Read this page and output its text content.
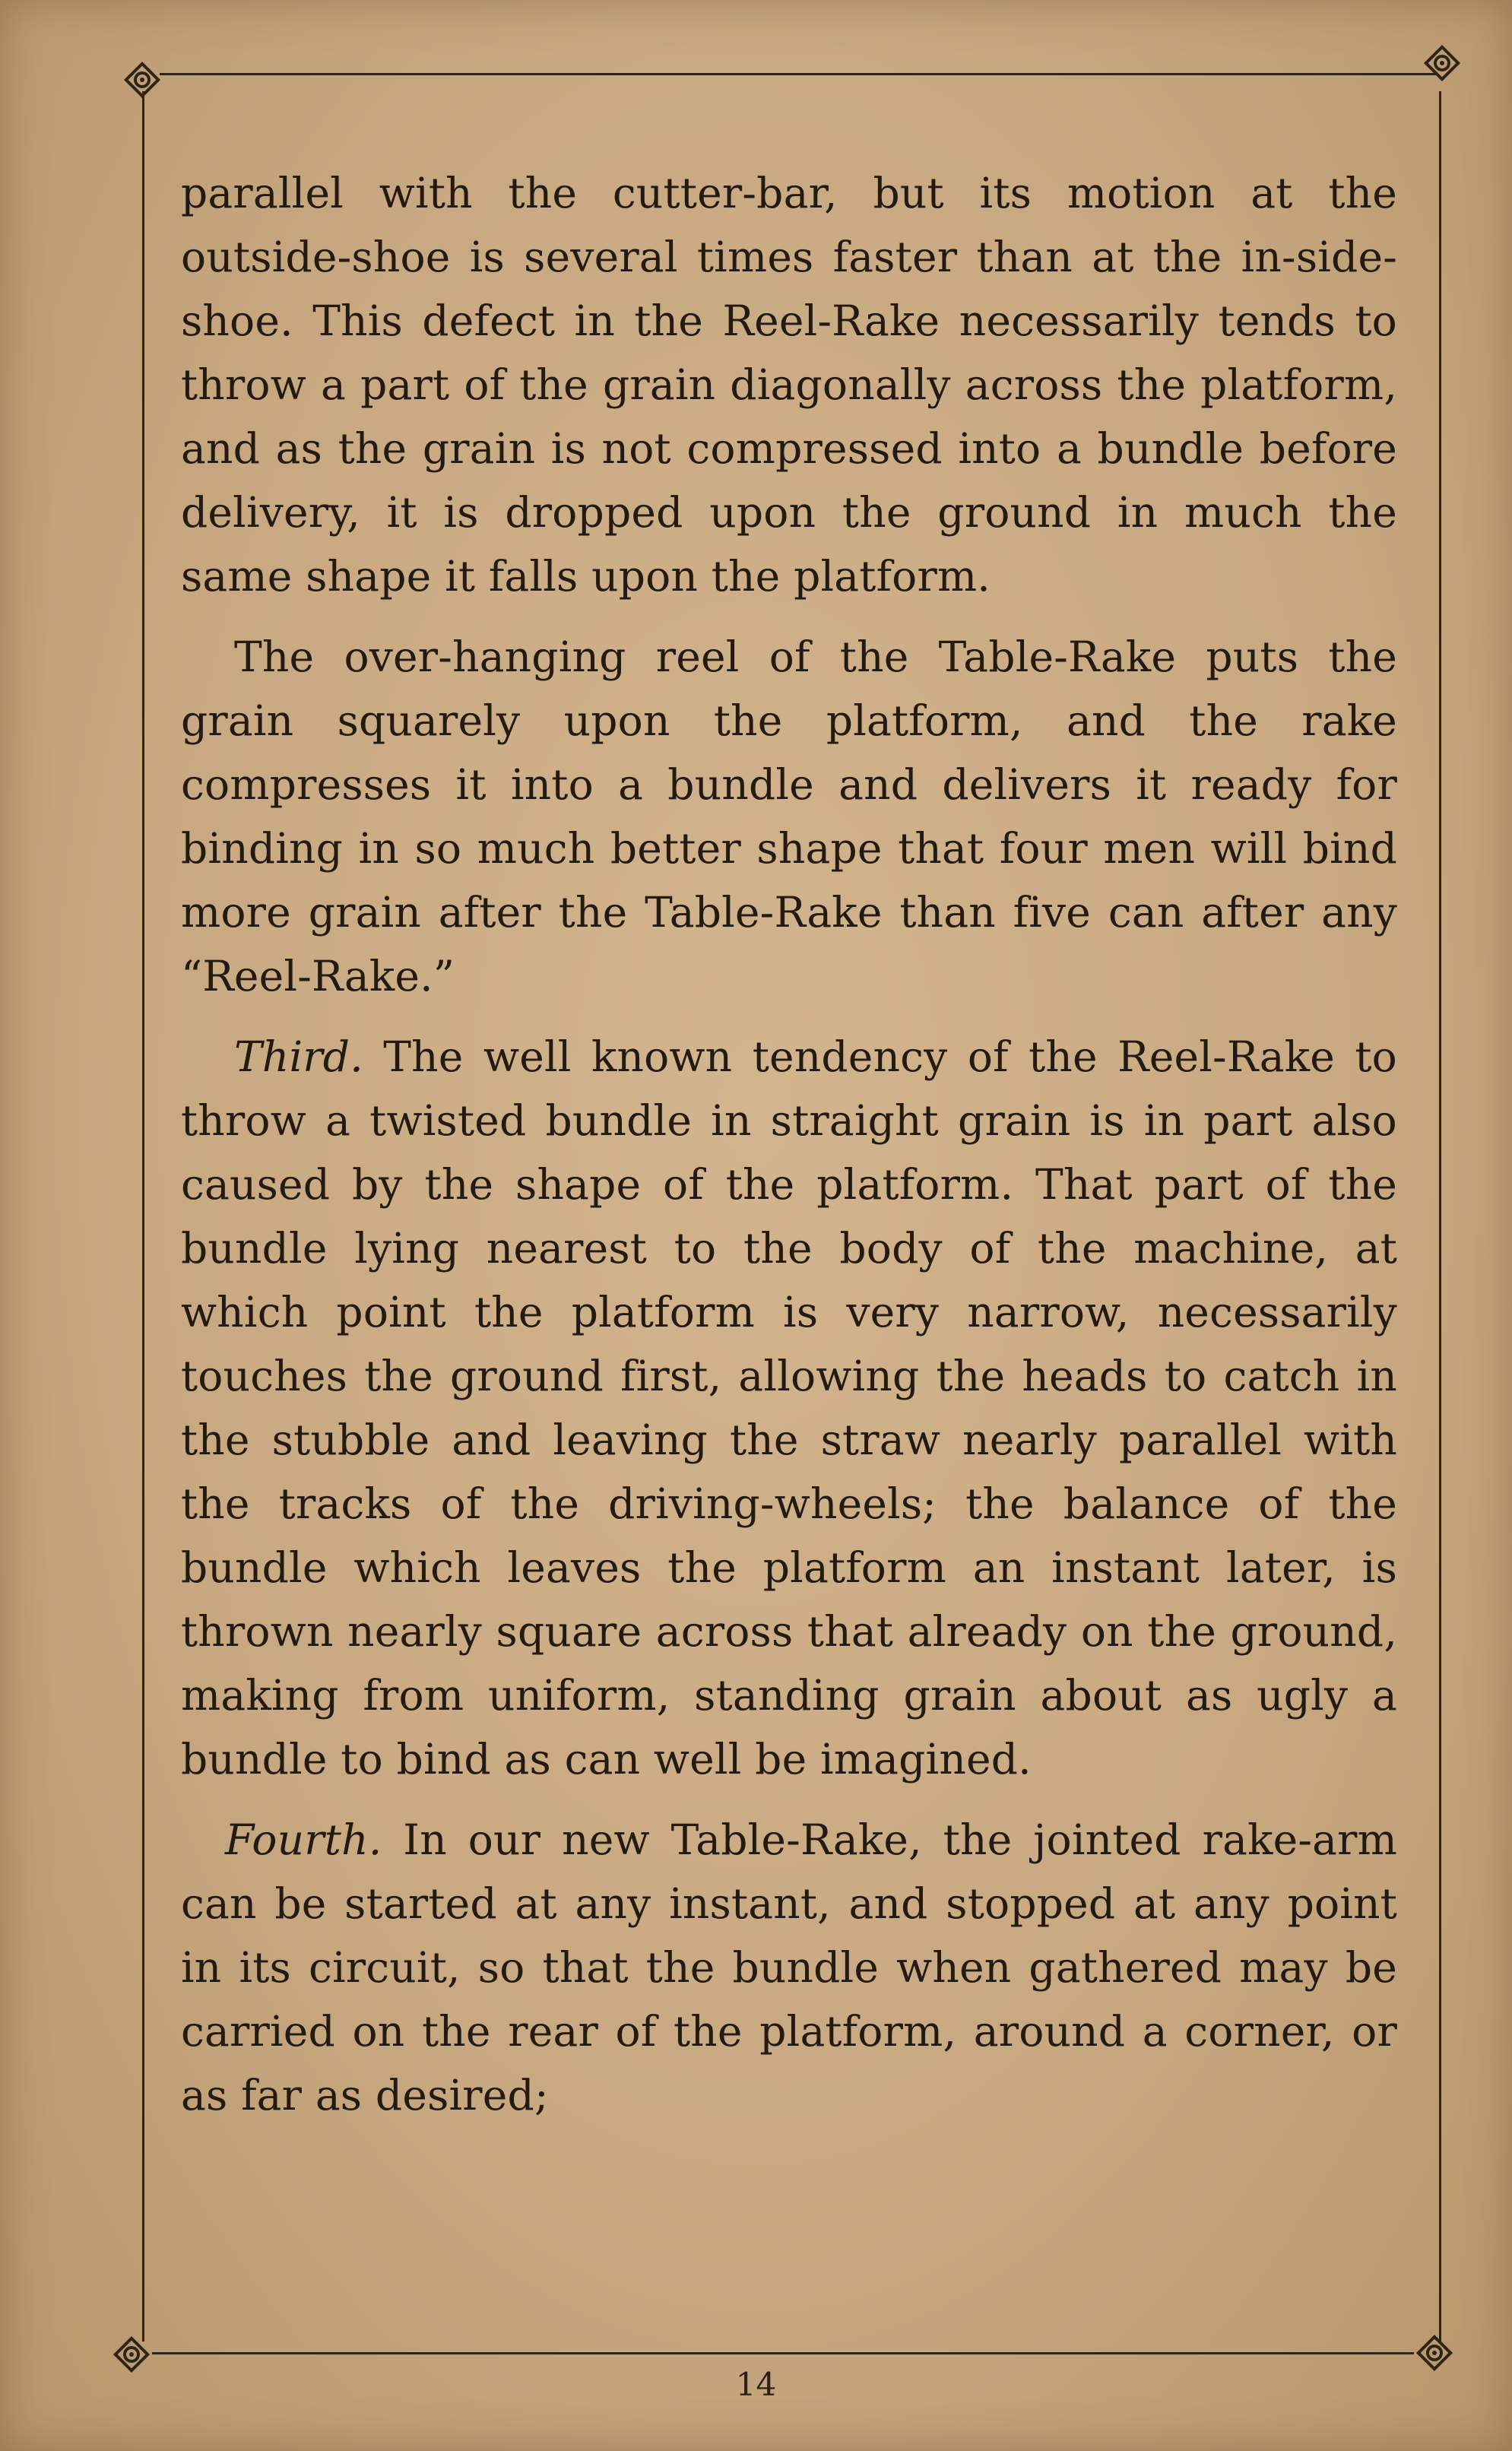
parallel with the cutter-bar, but its motion at the outside-shoe is several times faster than at the in-side-shoe. This defect in the Reel-Rake necessarily tends to throw a part of the grain diagonally across the platform, and as the grain is not compressed into a bundle before delivery, it is dropped upon the ground in much the same shape it falls upon the platform.

The over-hanging reel of the Table-Rake puts the grain squarely upon the platform, and the rake compresses it into a bundle and delivers it ready for binding in so much better shape that four men will bind more grain after the Table-Rake than five can after any “Reel-Rake.”

Third. The well known tendency of the Reel-Rake to throw a twisted bundle in straight grain is in part also caused by the shape of the platform. That part of the bundle lying nearest to the body of the machine, at which point the platform is very narrow, necessarily touches the ground first, allowing the heads to catch in the stubble and leaving the straw nearly parallel with the tracks of the driving-wheels; the balance of the bundle which leaves the platform an instant later, is thrown nearly square across that already on the ground, making from uniform, standing grain about as ugly a bundle to bind as can well be imagined.

Fourth. In our new Table-Rake, the jointed rake-arm can be started at any instant, and stopped at any point in its circuit, so that the bundle when gathered may be carried on the rear of the platform, around a corner, or as far as desired;

14
